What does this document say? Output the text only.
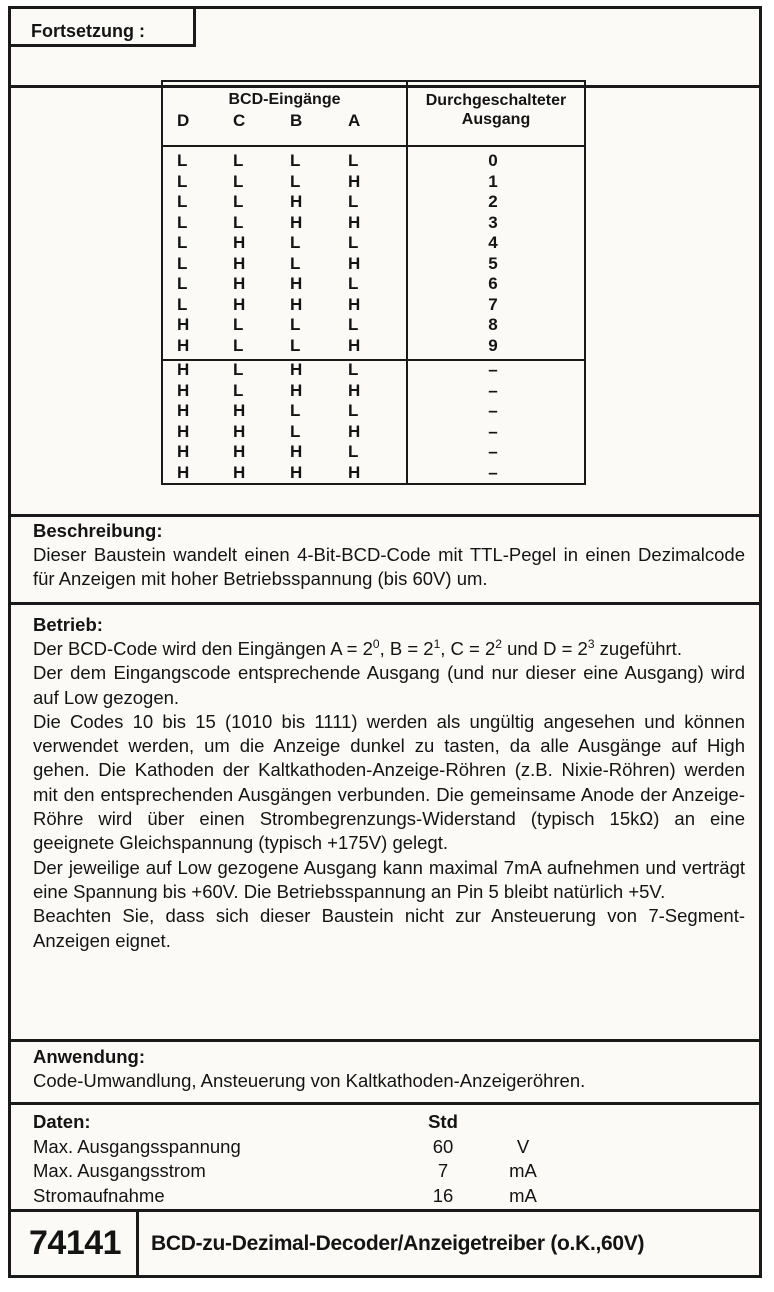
Fortsetzung :
BCD-Eingänge
D	C	B	A
Durchgeschalteter
Ausgang
L	L	L	L	0
L	L	L	H	1
L	L	H	L	2
L	L	H	H	3
L	H	L	L	4
L	H	L	H	5
L	H	H	L	6
L	H	H	H	7
H	L	L	L	8
H	L	L	H	9
H	L	H	L	–
H	L	H	H	–
H	H	L	L	–
H	H	L	H	–
H	H	H	L	–
H	H	H	H	–
Beschreibung:

Dieser Baustein wandelt einen 4-Bit-BCD-Code mit TTL-Pegel in einen Dezimalcode für Anzeigen mit hoher Betriebsspannung (bis 60V) um.

Betrieb:

Der BCD-Code wird den Eingängen $A = 2^0$, $B = 2^1$, $C = 2^2$ und $D = 2^3$ zugeführt.

Der dem Eingangscode entsprechende Ausgang (und nur dieser eine Ausgang) wird auf Low gezogen.

Die Codes 10 bis 15 (1010 bis 1111) werden als ungültig angesehen und können verwendet werden, um die Anzeige dunkel zu tasten, da alle Ausgänge auf High gehen. Die Kathoden der Kaltkathoden-Anzeige-Röhren (z.B. Nixie-Röhren) werden mit den entsprechenden Ausgängen verbunden. Die gemeinsame Anode der Anzeige-Röhre wird über einen Strombegrenzungs-Widerstand (typisch 15kΩ) an eine geeignete Gleichspannung (typisch +175V) gelegt.

Der jeweilige auf Low gezogene Ausgang kann maximal 7mA aufnehmen und verträgt eine Spannung bis +60V. Die Betriebsspannung an Pin 5 bleibt natürlich +5V.

Beachten Sie, dass sich dieser Baustein nicht zur Ansteuerung von 7-Segment-Anzeigen eignet.

Anwendung:

Code-Umwandlung, Ansteuerung von Kaltkathoden-Anzeigeröhren.

Daten:	Std
Max. Ausgangsspannung	60	V
Max. Ausgangsstrom	7	mA
Stromaufnahme	16	mA
74141 BCD-zu-Dezimal-Decoder/Anzeigetreiber (o.K.,60V)
